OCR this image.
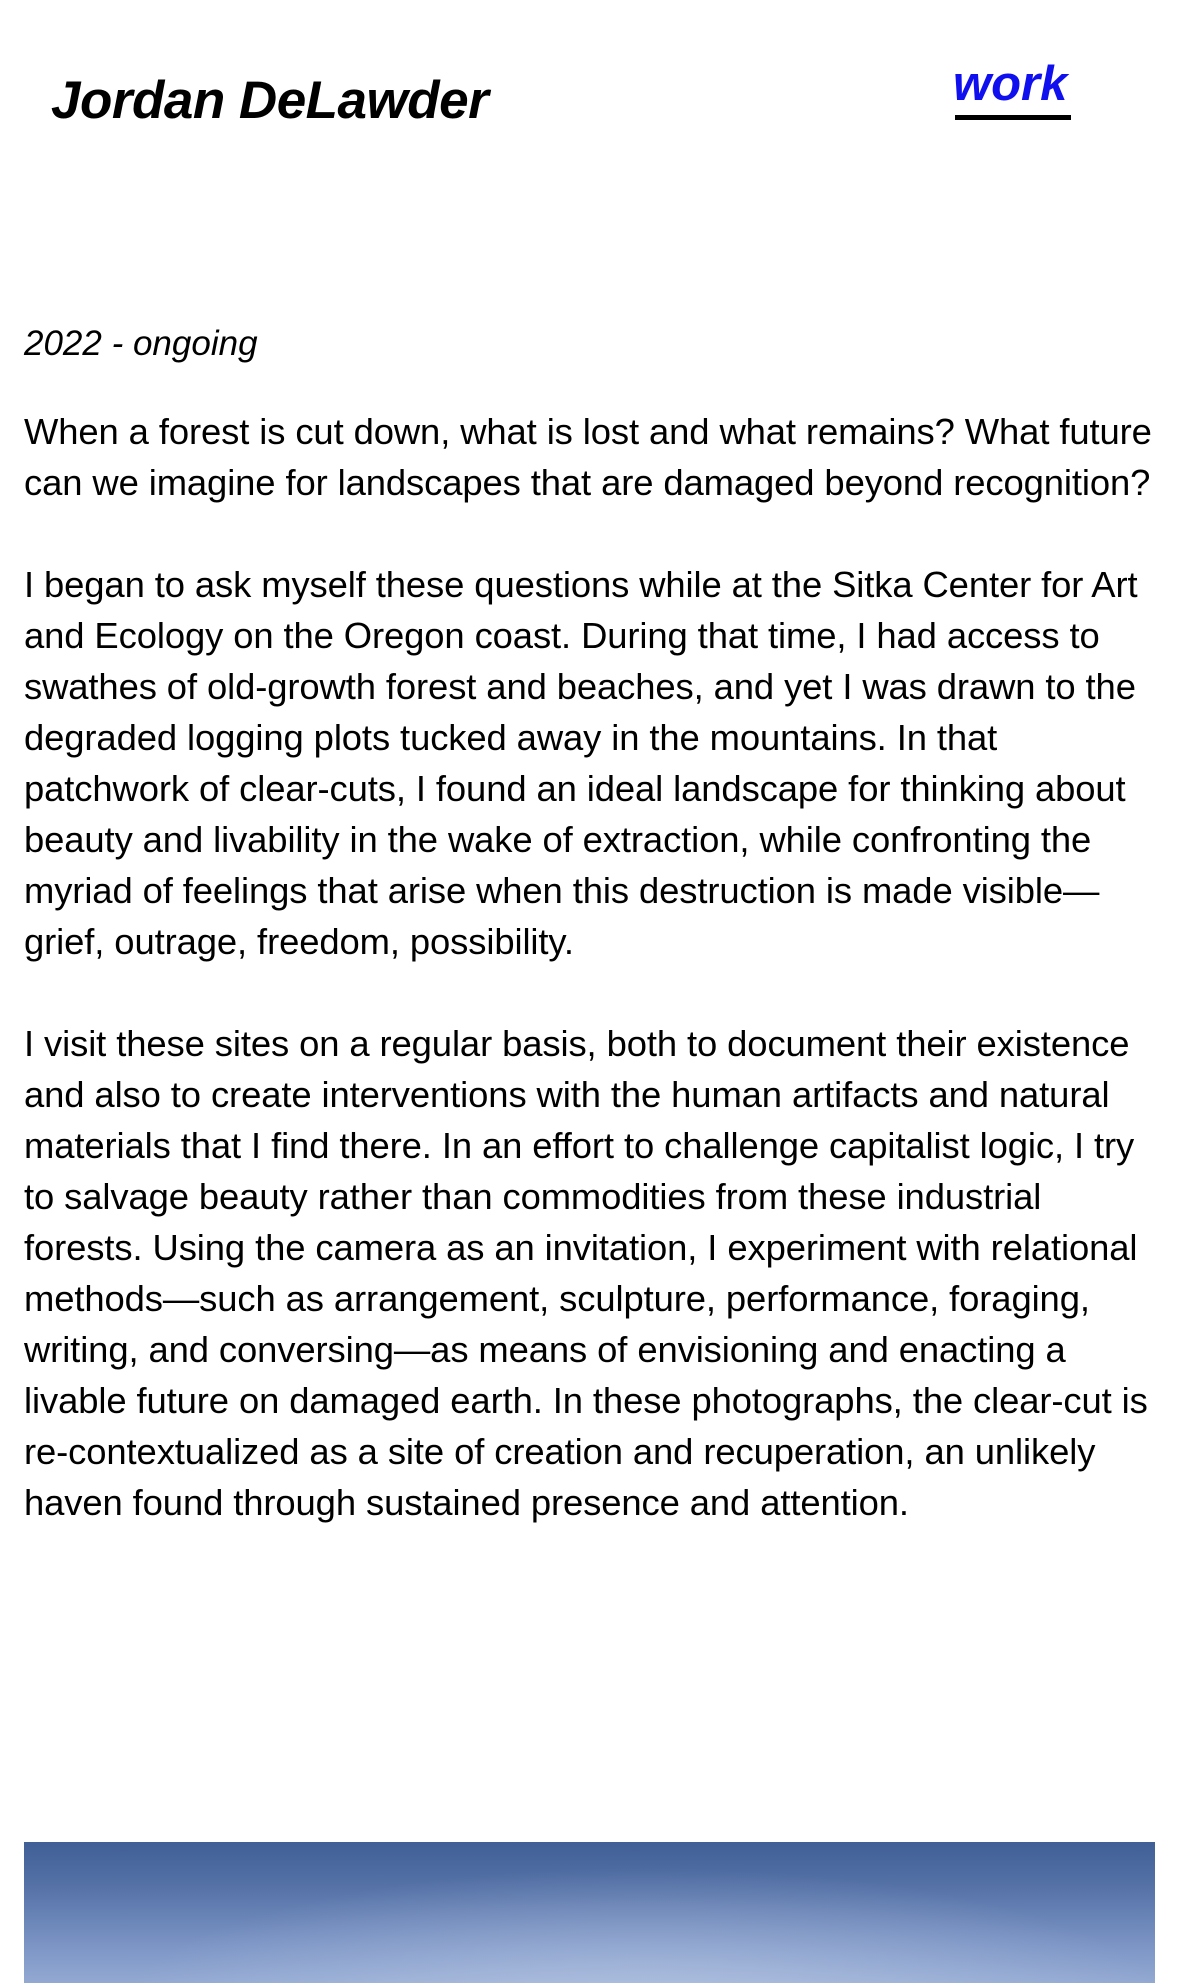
Jordan DeLawder	work

2022 - ongoing

When a forest is cut down, what is lost and what remains? What future can we imagine for landscapes that are damaged beyond recognition?

I began to ask myself these questions while at the Sitka Center for Art and Ecology on the Oregon coast. During that time, I had access to swathes of old-growth forest and beaches, and yet I was drawn to the degraded logging plots tucked away in the mountains. In that patchwork of clear-cuts, I found an ideal landscape for thinking about beauty and livability in the wake of extraction, while confronting the myriad of feelings that arise when this destruction is made visible—grief, outrage, freedom, possibility.

I visit these sites on a regular basis, both to document their existence and also to create interventions with the human artifacts and natural materials that I find there. In an effort to challenge capitalist logic, I try to salvage beauty rather than commodities from these industrial forests. Using the camera as an invitation, I experiment with relational methods—such as arrangement, sculpture, performance, foraging, writing, and conversing—as means of envisioning and enacting a livable future on damaged earth. In these photographs, the clear-cut is re-contextualized as a site of creation and recuperation, an unlikely haven found through sustained presence and attention.
